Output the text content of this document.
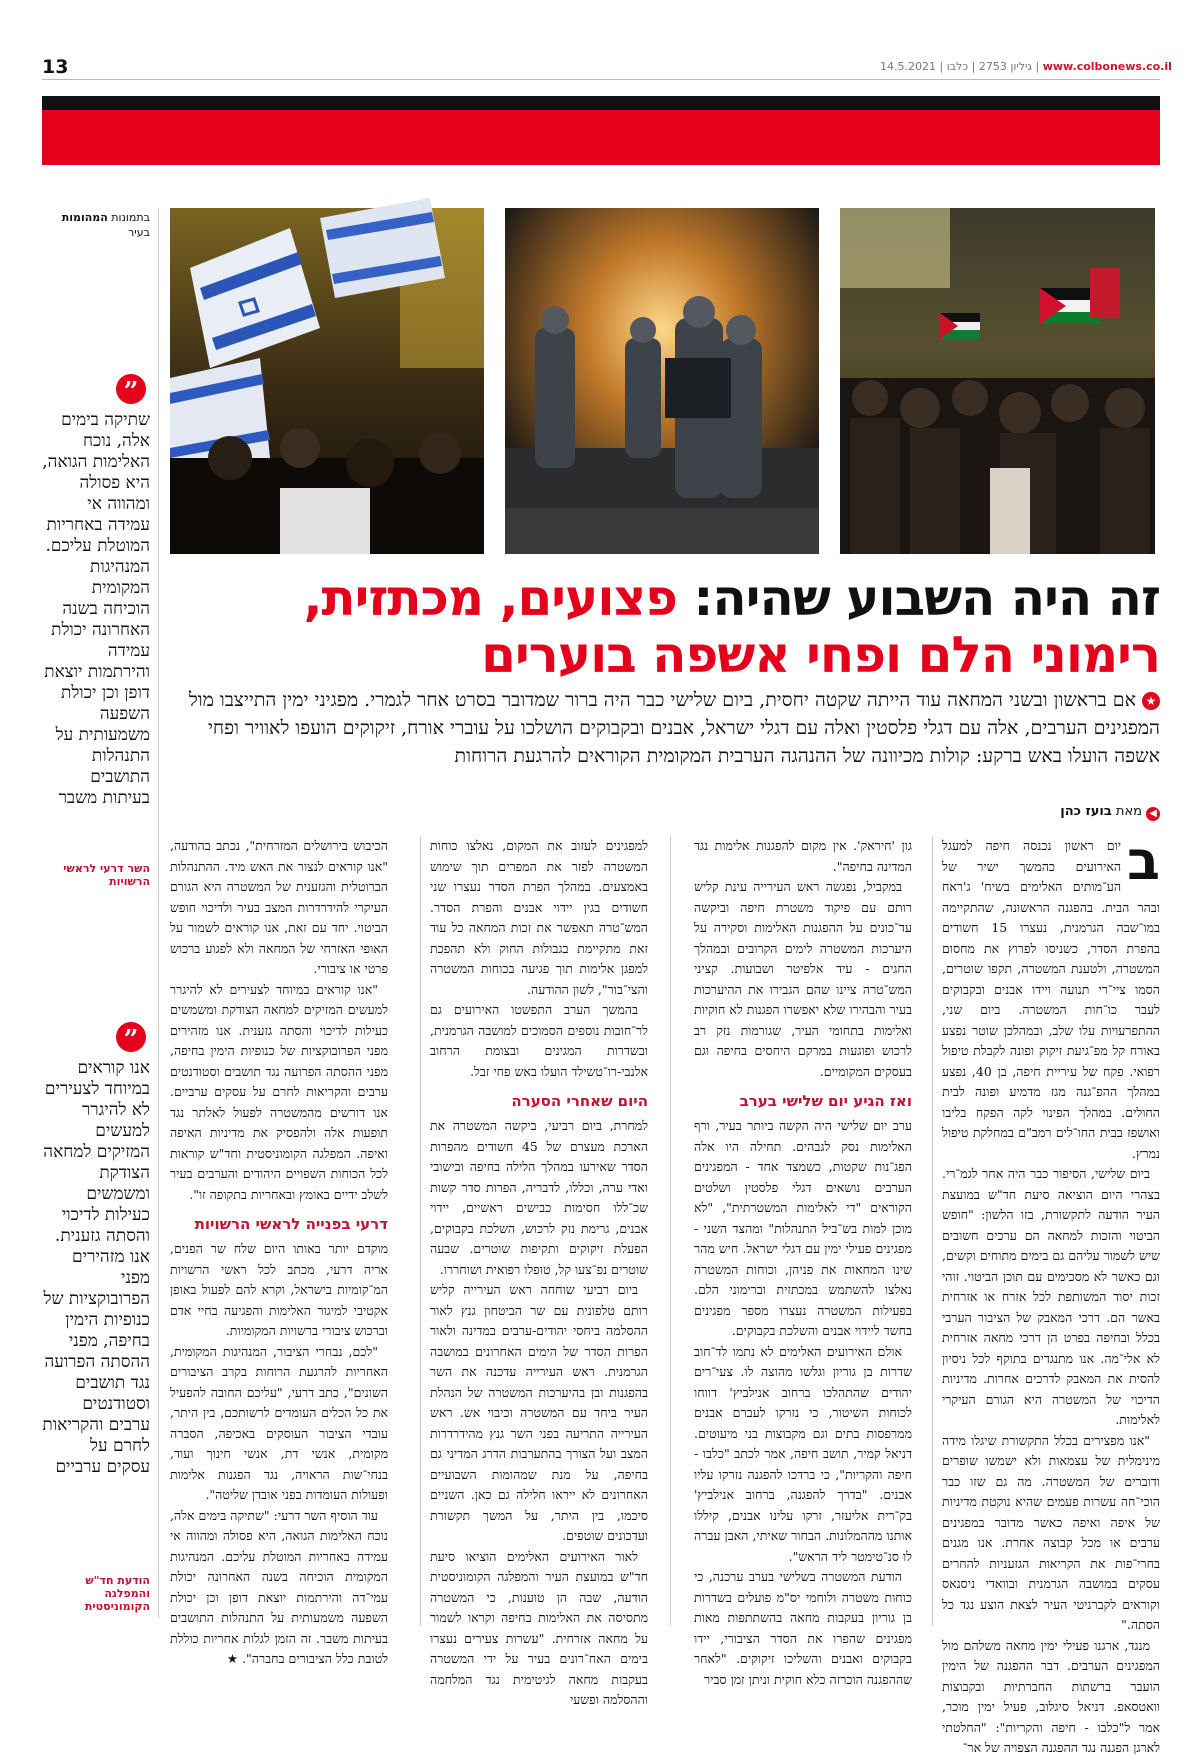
13	14.5.2021 |	גיליון 2753 | כלבו	| www.colbonews.co.il
זה היה השבוע שהיה: פצועים, מכתזית, רימוני הלם ופחי אשפה בוערים
★אם בראשון ובשני המחאה עוד הייתה שקטה יחסית, ביום שלישי כבר היה ברור שמדובר בסרט אחר לגמרי. מפגיני ימין התייצבו מול המפגינים הערבים, אלה עם דגלי פלסטין ואלה עם דגלי ישראל, אבנים ובקבוקים הושלכו על עוברי אורח, זיקוקים הועפו לאוויר ופחי אשפה הועלו באש ברקע: קולות מכיוונה של ההנהגה הערבית המקומית הקוראים להרגעת הרוחות
◀מאת בועז כהן
ב

יום ראשון נכנסה חיפה למעגל האירועים כהמשך ישיר של הע־מותים האלימים בשיח' ג'ראח ובהר הבית. בהפגנה הראשונה, שהתקיימה במו־שבה הגרמנית, נעצרו 15 חשודים בהפרת הסדר, כשניסו לפרוץ את מחסום המשטרה, ולטענת המשטרה, תקפו שוטרים, הסמו ציי־רי תנועה ויידו אבנים ובקבוקים לעבר כו־חות המשטרה. ביום שני, ההתפרעויות עלו שלב, ובמהלכן שוטר נפצע באורח קל מפ־גיעת זיקוק ופונה לקבלת טיפול רפואי. פקח של עיריית חיפה, בן 40, נפצע במהלך ההפ־גנה מגז מדמיע ופונה לבית החולים. במהלך הפינוי לקה הפקח בליבו ואושפז בבית החו־לים רמב"ם במחלקת טיפול נמרץ.

ביום שלישי, הסיפור כבר היה אחר לגמ־רי. בצהרי היום הוציאה סיעת חד"ש במועצת העיר הודעה לתקשורת, בזו הלשון: "חופש הביטוי והזכות למחאה הם ערכים חשובים שיש לשמור עליהם גם בימים מתוחים וקשים, וגם כאשר לא מסכימים עם תוכן הביטוי. זוהי זכות יסוד המשותפת לכל אזרח או אזרחית באשר הם. דרכי המאבק של הציבור הערבי בכלל ובחיפה בפרט הן דרכי מחאה אזרחית לא אלי־מה. אנו מתנגדים בתוקף לכל ניסיון להסית את המאבק לדרכים אחרות. מדיניות הדיכוי של המשטרה היא הגורם העיקרי לאלימות.

"אנו מפצירים בכלל התקשורת שיגלו מידה מינימלית של עצמאות ולא ישמשו שופרים ודוברים של המשטרה. מה גם שזו כבר הוכי־חה עשרות פעמים שהיא נוקטת מדיניות של איפה ואיפה כאשר מדובר במפגינים ערבים או מכל קבוצה אחרת. אנו מגנים בחרי־פות את הקריאות הגזעניות להחרים עסקים במושבה הגרמנית ובוואדי ניסנאס וקוראים לקברניטי העיר לצאת הוצע נגד כל הסתה."

מנגד, ארגנו פעילי ימין מחאה משלהם מול המפגינים הערבים. דבר ההפגנה של הימין הועבר ברשתות החברתיות ובקבוצות וואטסאפ. דניאל סיגלוב, פעיל ימין מוכר, אמר ל"כלבו - חיפה והקריות": "החלטתי לארגן הפגנה נגד ההפגנה הצפויה של אר־

גון 'חיראק'. אין מקום להפגנות אלימות נגד המדינה בחיפה".

במקביל, נפגשה ראש העירייה עינת קליש רותם עם פיקוד משטרת חיפה וביקשה עד־כונים על ההפגנות האלימות וסקירה על היערכות המשטרה לימים הקרובים ובמהלך החגים - עיד אלפיטר ושבועות. קציני המש־טרה ציינו שהם הגבירו את ההיערכות בעיר והבהירו שלא יאפשרו הפגנות לא חוקיות ואלימות בתחומי העיר, שגורמות נזק רב לרכוש ופוגעות במרקם היחסים בחיפה וגם בעסקים המקומיים.

ואז הגיע יום שלישי בערב

ערב יום שלישי היה הקשה ביותר בעיר, ורף האלימות נסק לגבהים. תחילה היו אלה הפג־נות שקטות, כשמצד אחד - המפגינים הערבים נושאים דגלי פלסטין ושלטים הקוראים "די לאלימות המשטרתית", "לא מוכן למות בש־ביל התנהלות" ומהצד השני - מפגינים פעילי ימין עם דגלי ישראל. חיש מהר שינו המחאות את פניהן, וכוחות המשטרה נאלצו להשתמש במכתזית וברימוני הלם. בפעילות המשטרה נעצרו מספר מפגינים בחשד ליידוי אבנים והשלכת בקבוקים.

אולם האירועים האלימים לא נתמו לד־חוב שדרות בן גוריון וגלשו מהוצה לו. צעי־רים יהודים שהתהלכו ברחוב אנילביץ' דווחו לכוחות השיטור, כי נזרקו לעברם אבנים ממרפסות בתים וגם מקבוצות בני מיעוטים. דניאל קמיר, תושב חיפה, אמר לכתב "כלבו - חיפה והקריות", כי ברדכו להפגנה נזרקו עליו אבנים. "בדרך להפגנה, ברחוב אנילביץ' בק־רית אליעזר, זרקו עלינו אבנים, קיללו אותנו מההמלונות. הבחור שאיתי, האבן עברה לו סנ־טימטר ליד הראש".

הודעת המשטרה בשלישי בערב ערכנה, כי כוחות משטרה ולוחמי יס"מ פועלים בשדרות בן גוריון בעקבות מחאה בהשתתפות מאות מפגינים שהפרו את הסדר הציבורי, יידו בקבוקים ואבנים והשליכו זיקוקים. "לאחר שההפגנה הוכרזה כלא חוקית וניתן זמן סביר

למפגינים לעזוב את המקום, נאלצו כוחות המשטרה לפזר את המפרים תוך שימוש באמצעים. במהלך הפרת הסדר נעצרו שני חשודים בגין יידוי אבנים והפרת הסדר. המש־טרה תאפשר את זכות המחאה כל עוד זאת מתקיימת בגבולות החוק ולא תהפכת למפגן אלימות תוך פגיעה בכוחות המשטרה והצי־בור", לשון ההודעה.

בהמשך הערב התפשטו האירועים גם לר־חובות נוספים הסמוכים למושבה הגרמנית, ובשדרות המגינים ובצומת הרחוב אלנבי-רו־טשילד הועלו באש פחי זבל.

היום שאחרי הסערה

למחרת, ביום רביעי, ביקשה המשטרה את הארכת מעצרם של 45 חשודים מהפרות הסדר שאירעו במהלך הלילה בחיפה ובישובי ואדי ערה, וכללו, לדבריה, הפרות סדר קשות שכ־ללו חסימות כבישים ראשיים, יידוי אבנים, גרימת נזק לרכוש, השלכת בקבוקים, הפעלת זיקוקים ותקיפות שוטרים. שבעה שוטרים נפ־צעו קל, טופלו רפואית ושוחררו.

ביום רביעי שוחחה ראש העירייה קליש רותם טלפונית עם שר הביטחון גנץ לאור ההסלמה ביחסי יהודים-ערבים במדינה ולאור הפרות הסדר של הימים האחרונים במושבה הגרמנית. ראש העירייה עדכנה את השר בהפגנות ובן בהיערכות המשטרה של הנהלת העיר ביחד עם המשטרה וכיבוי אש. ראש העירייה התריעה בפני השר גנץ מהידרדרות המצב ועל הצורך בהתערבות הדרג המדיני גם בחיפה, על מנת שמהומות השבועיים האחרונים לא ייראו חלילה גם כאן. השניים סיכמו, בין היתר, על המשך תקשורת ועדכונים שוטפים.

לאור האירועים האלימים הוציאו סיעת חד"ש במועצת העיר והמפלגה הקומוניסטית הודעה, שבה הן טוענות, כי המשטרה מתסיסה את האלימות בחיפה וקראו לשמור על מחאה אזרחית. "עשרות צעירים נעצרו בימים האח־רונים בעיר על ידי המשטרה בעקבות מחאה לגיטימית נגד המלחמה וההסלמה ופשעי

הכיבוש בירושלים המזרחית", נכתב בהודעה, "אנו קוראים לנצור את האש מיד. ההתנהלות הברוטלית והגזענית של המשטרה היא הגורם העיקרי להידרדרות המצב בעיר ולדיכוי חופש הביטוי. יחד עם זאת, אנו קוראים לשמור על האופי האזרחי של המחאה ולא לפגוע ברכוש פרטי או ציבורי.

"אנו קוראים במיוחד לצעירים לא להיגרר למעשים המזיקים למחאה הצודקת ומשמשים כעילות לדיכוי והסתה גזענית. אנו מזהירים מפני הפרובוקציות של כנופיות הימין בחיפה, מפני ההסתה הפרועה נגד תושבים וסטודנטים ערבים והקריאות לחרם על עסקים ערביים. אנו דורשים מהמשטרה לפעול לאלתר נגד תופעות אלה ולהפסיק את מדיניות האיפה ואיפה. המפלגה הקומוניסטית וחד"ש קוראות לכל הכוחות השפויים היהודים והערבים בעיר לשלב ידיים באומץ ובאחריות בתקופה זו".

דרעי בפנייה לראשי הרשויות

מוקדם יותר באותו היום שלח שר הפנים, אריה דרעי, מכתב לכל ראשי הרשויות המ־קומיות בישראל, וקרא להם לפעול באופן אקטיבי למיגור האלימות והפגיעה בחיי אדם וברכוש ציבורי ברשויות המקומיות.

"לכם, נבחרי הציבור, המנהיגות המקומית, האחריות להרגעת הרוחות בקרב הציבורים השונים", כתב דרעי, "עליכם החובה להפעיל את כל הכלים העומדים לרשותכם, בין היתר, עובדי הציבור העוסקים באכיפה, הסברה מקומית, אנשי דת, אנשי חינוך ועוד, בנחי־שות הראויה, נגד הפגנות אלימות ופעולות העומדות בפני אובדן שליטה".

עוד הוסיף השר דרעי: "שתיקה בימים אלה, נוכח האלימות הגואה, היא פסולה ומהווה אי עמידה באחריות המוטלת עליכם. המנהיגות המקומית הוכיחה בשנה האחרונה יכולת עמי־דה והירתמות יוצאת דופן וכן יכולת השפעה משמעותית על התנהלות התושבים בעיתות משבר. זה הזמן לגלות אחריות כוללת לטובת כלל הציבורים בחברה". ★

בתמונות המהומות בעיר
”
שתיקה בימים אלה, נוכח האלימות הגואה, היא פסולה ומהווה אי עמידה באחריות המוטלת עליכם. המנהיגות המקומית הוכיחה בשנה האחרונה יכולת עמידה והירתמות יוצאת דופן וכן יכולת השפעה משמעותית על התנהלות התושבים בעיתות משבר
השר דרעי לראשי הרשויות
”
אנו קוראים במיוחד לצעירים לא להיגרר למעשים המזיקים למחאה הצודקת ומשמשים כעילות לדיכוי והסתה גזענית. אנו מזהירים מפני הפרובוקציות של כנופיות הימין בחיפה, מפני ההסתה הפרועה נגד תושבים וסטודנטים ערבים והקריאות לחרם על עסקים ערביים
הודעת חד"ש והמפלגה הקומוניסטית
